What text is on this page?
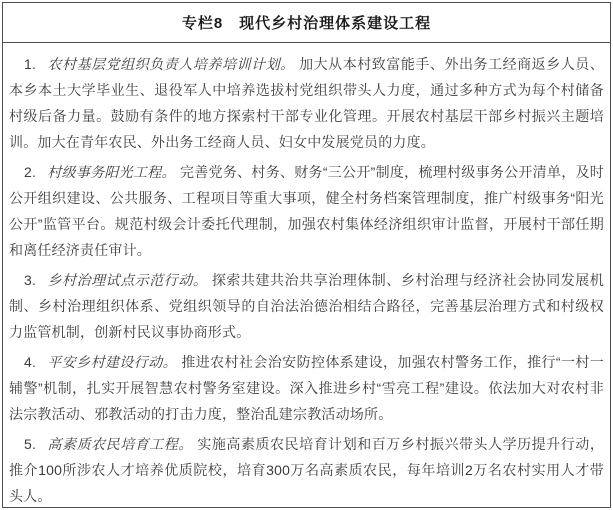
专栏8　现代乡村治理体系建设工程

1. 农村基层党组织负责人培养培训计划。 加大从本村致富能手、外出务工经商返乡人员、本乡本土大学毕业生、退役军人中培养选拔村党组织带头人力度，通过多种方式为每个村储备村级后备力量。鼓励有条件的地方探索村干部专业化管理。开展农村基层干部乡村振兴主题培训。加大在青年农民、外出务工经商人员、妇女中发展党员的力度。

2. 村级事务阳光工程。 完善党务、村务、财务“三公开”制度，梳理村级事务公开清单，及时公开组织建设、公共服务、工程项目等重大事项，健全村务档案管理制度，推广村级事务“阳光公开”监管平台。规范村级会计委托代理制，加强农村集体经济组织审计监督，开展村干部任期和离任经济责任审计。

3. 乡村治理试点示范行动。 探索共建共治共享治理体制、乡村治理与经济社会协同发展机制、乡村治理组织体系、党组织领导的自治法治德治相结合路径，完善基层治理方式和村级权力监管机制，创新村民议事协商形式。

4. 平安乡村建设行动。 推进农村社会治安防控体系建设，加强农村警务工作，推行“一村一辅警”机制，扎实开展智慧农村警务室建设。深入推进乡村“雪亮工程”建设。依法加大对农村非法宗教活动、邪教活动的打击力度，整治乱建宗教活动场所。

5. 高素质农民培育工程。 实施高素质农民培育计划和百万乡村振兴带头人学历提升行动，推介100所涉农人才培养优质院校，培育300万名高素质农民，每年培训2万名农村实用人才带头人。
